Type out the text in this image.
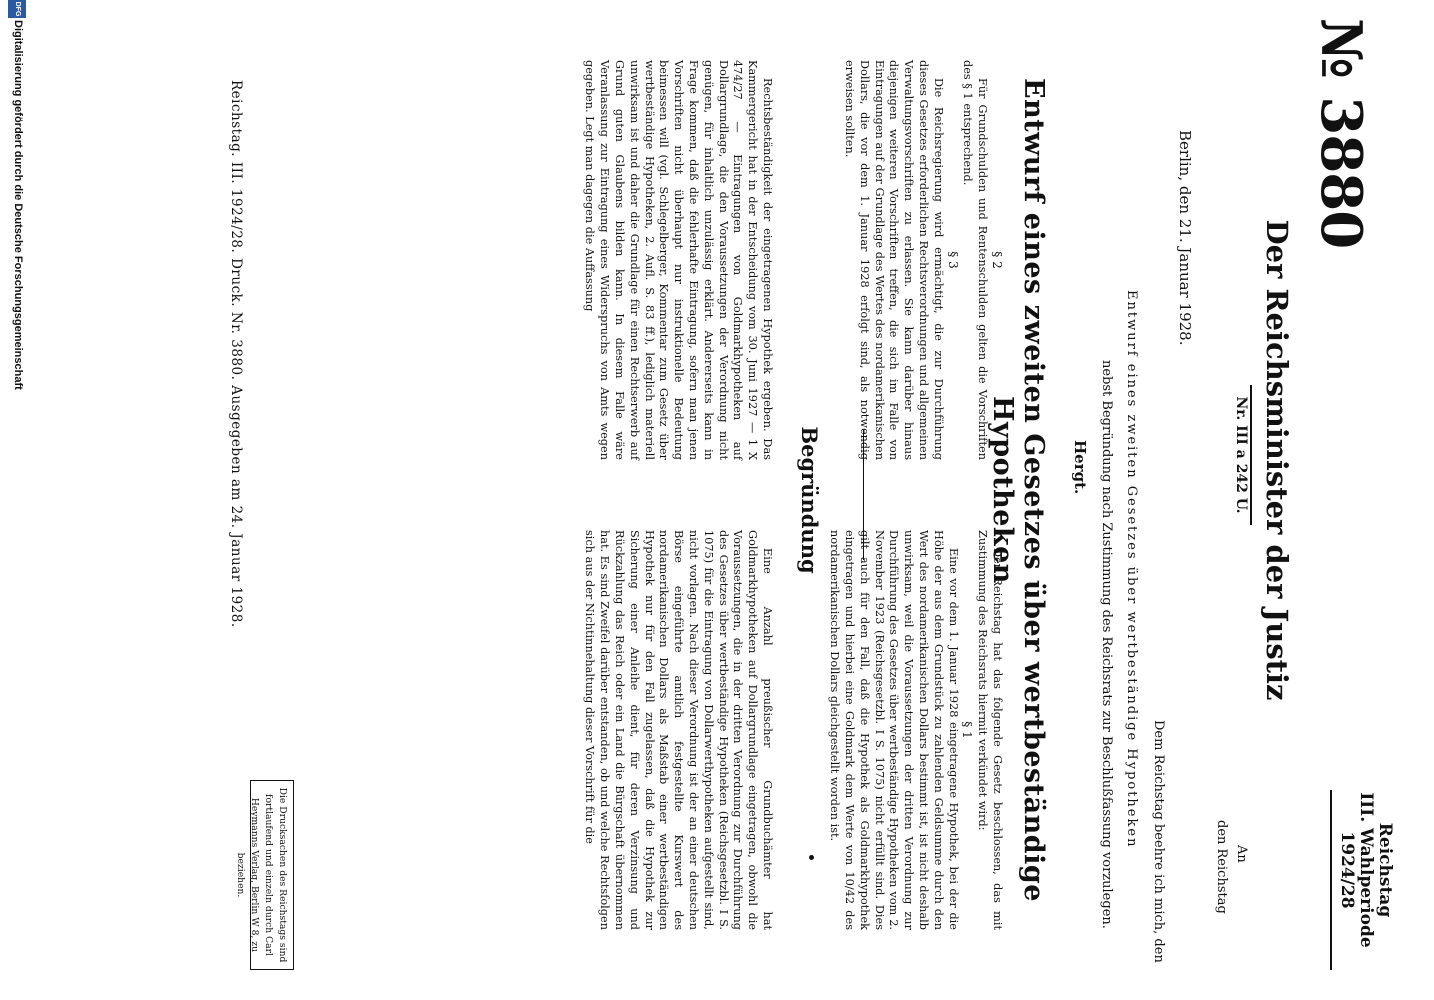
№ 3880
Reichstag
III. Wahlperiode
1924/28
Der Reichsminister der Justiz
Nr. III a 242 U.
An
den Reichstag
Berlin, den 21. Januar 1928.
Dem Reichstag beehre ich mich, den
Entwurf eines zweiten Gesetzes über wertbeständige Hypotheken
nebst Begründung nach Zustimmung des Reichsrats zur Beschlußfassung vorzulegen.
Hergt.
Entwurf eines zweiten Gesetzes über wertbeständige Hypotheken

Der Reichstag hat das folgende Gesetz beschlossen, das mit Zustimmung des Reichsrats hiermit verkündet wird:

§ 1

Eine vor dem 1. Januar 1928 eingetragene Hypothek, bei der die Höhe der aus dem Grundstück zu zahlenden Geldsumme durch den Wert des nordamerikanischen Dollars bestimmt ist, ist nicht deshalb unwirksam, weil die Voraussetzungen der dritten Verordnung zur Durchführung des Gesetzes über wertbeständige Hypotheken vom 2. November 1923 (Reichsgesetzbl. I S. 1075) nicht erfüllt sind. Dies gilt auch für den Fall, daß die Hypothek als Goldmarkhypothek eingetragen und hierbei eine Goldmark dem Werte von 10/42 des nordamerikanischen Dollars gleichgestellt worden ist.

§ 2

Für Grundschulden und Rentenschulden gelten die Vorschriften des § 1 entsprechend.

§ 3

Die Reichsregierung wird ermächtigt, die zur Durchführung dieses Gesetzes erforderlichen Rechtsverordnungen und allgemeinen Verwaltungsvorschriften zu erlassen. Sie kann darüber hinaus diejenigen weiteren Vorschriften treffen, die sich im Falle von Eintragungen auf der Grundlage des Wertes des nordamerikanischen Dollars, die vor dem 1. Januar 1928 erfolgt sind, als notwendig erweisen sollten.

Begründung

Eine Anzahl preußischer Grundbuchämter hat Goldmarkhypotheken auf Dollargrundlage eingetragen, obwohl die Voraussetzungen, die in der dritten Verordnung zur Durchführung des Gesetzes über wertbeständige Hypotheken (Reichsgesetzbl. I S. 1075) für die Eintragung von Dollarwerthypotheken aufgestellt sind, nicht vorlagen. Nach dieser Verordnung ist der an einer deutschen Börse eingeführte amtlich festgestellte Kurswert des nordamerikanischen Dollars als Maßstab einer wertbeständigen Hypothek nur für den Fall zugelassen, daß die Hypothek zur Sicherung einer Anleihe dient, für deren Verzinsung und Rückzahlung das Reich oder ein Land die Bürgschaft übernommen hat. Es sind Zweifel darüber entstanden, ob und welche Rechtsfolgen sich aus der Nichtinnehaltung dieser Vorschrift für die

Rechtsbeständigkeit der eingetragenen Hypothek ergeben. Das Kammergericht hat in der Entscheidung vom 30. Juni 1927 — 1 X 474/27 — Eintragungen von Goldmarkhypotheken auf Dollargrundlage, die den Voraussetzungen der Verordnung nicht genügen, für inhaltlich unzulässig erklärt. Andererseits kann in Frage kommen, daß die fehlerhafte Eintragung, sofern man jenen Vorschriften nicht überhaupt nur instruktionelle Bedeutung beimessen will (vgl. Schlegelberger, Kommentar zum Gesetz über wertbeständige Hypotheken, 2. Aufl. S. 83 ff.), lediglich materiell unwirksam ist und daher die Grundlage für einen Rechtserwerb auf Grund guten Glaubens bilden kann. In diesem Falle wäre Veranlassung zur Eintragung eines Widerspruchs von Amts wegen gegeben. Legt man dagegen die Auffassung

Die Drucksachen des Reichstags sind fortlaufend und einzeln durch Carl Heymanns Verlag, Berlin W 8, zu beziehen.
Reichstag. III. 1924/28. Druck. Nr. 3880. Ausgegeben am 24. Januar 1928.
DFG
Digitalisierung gefördert durch die Deutsche Forschungsgemeinschaft
